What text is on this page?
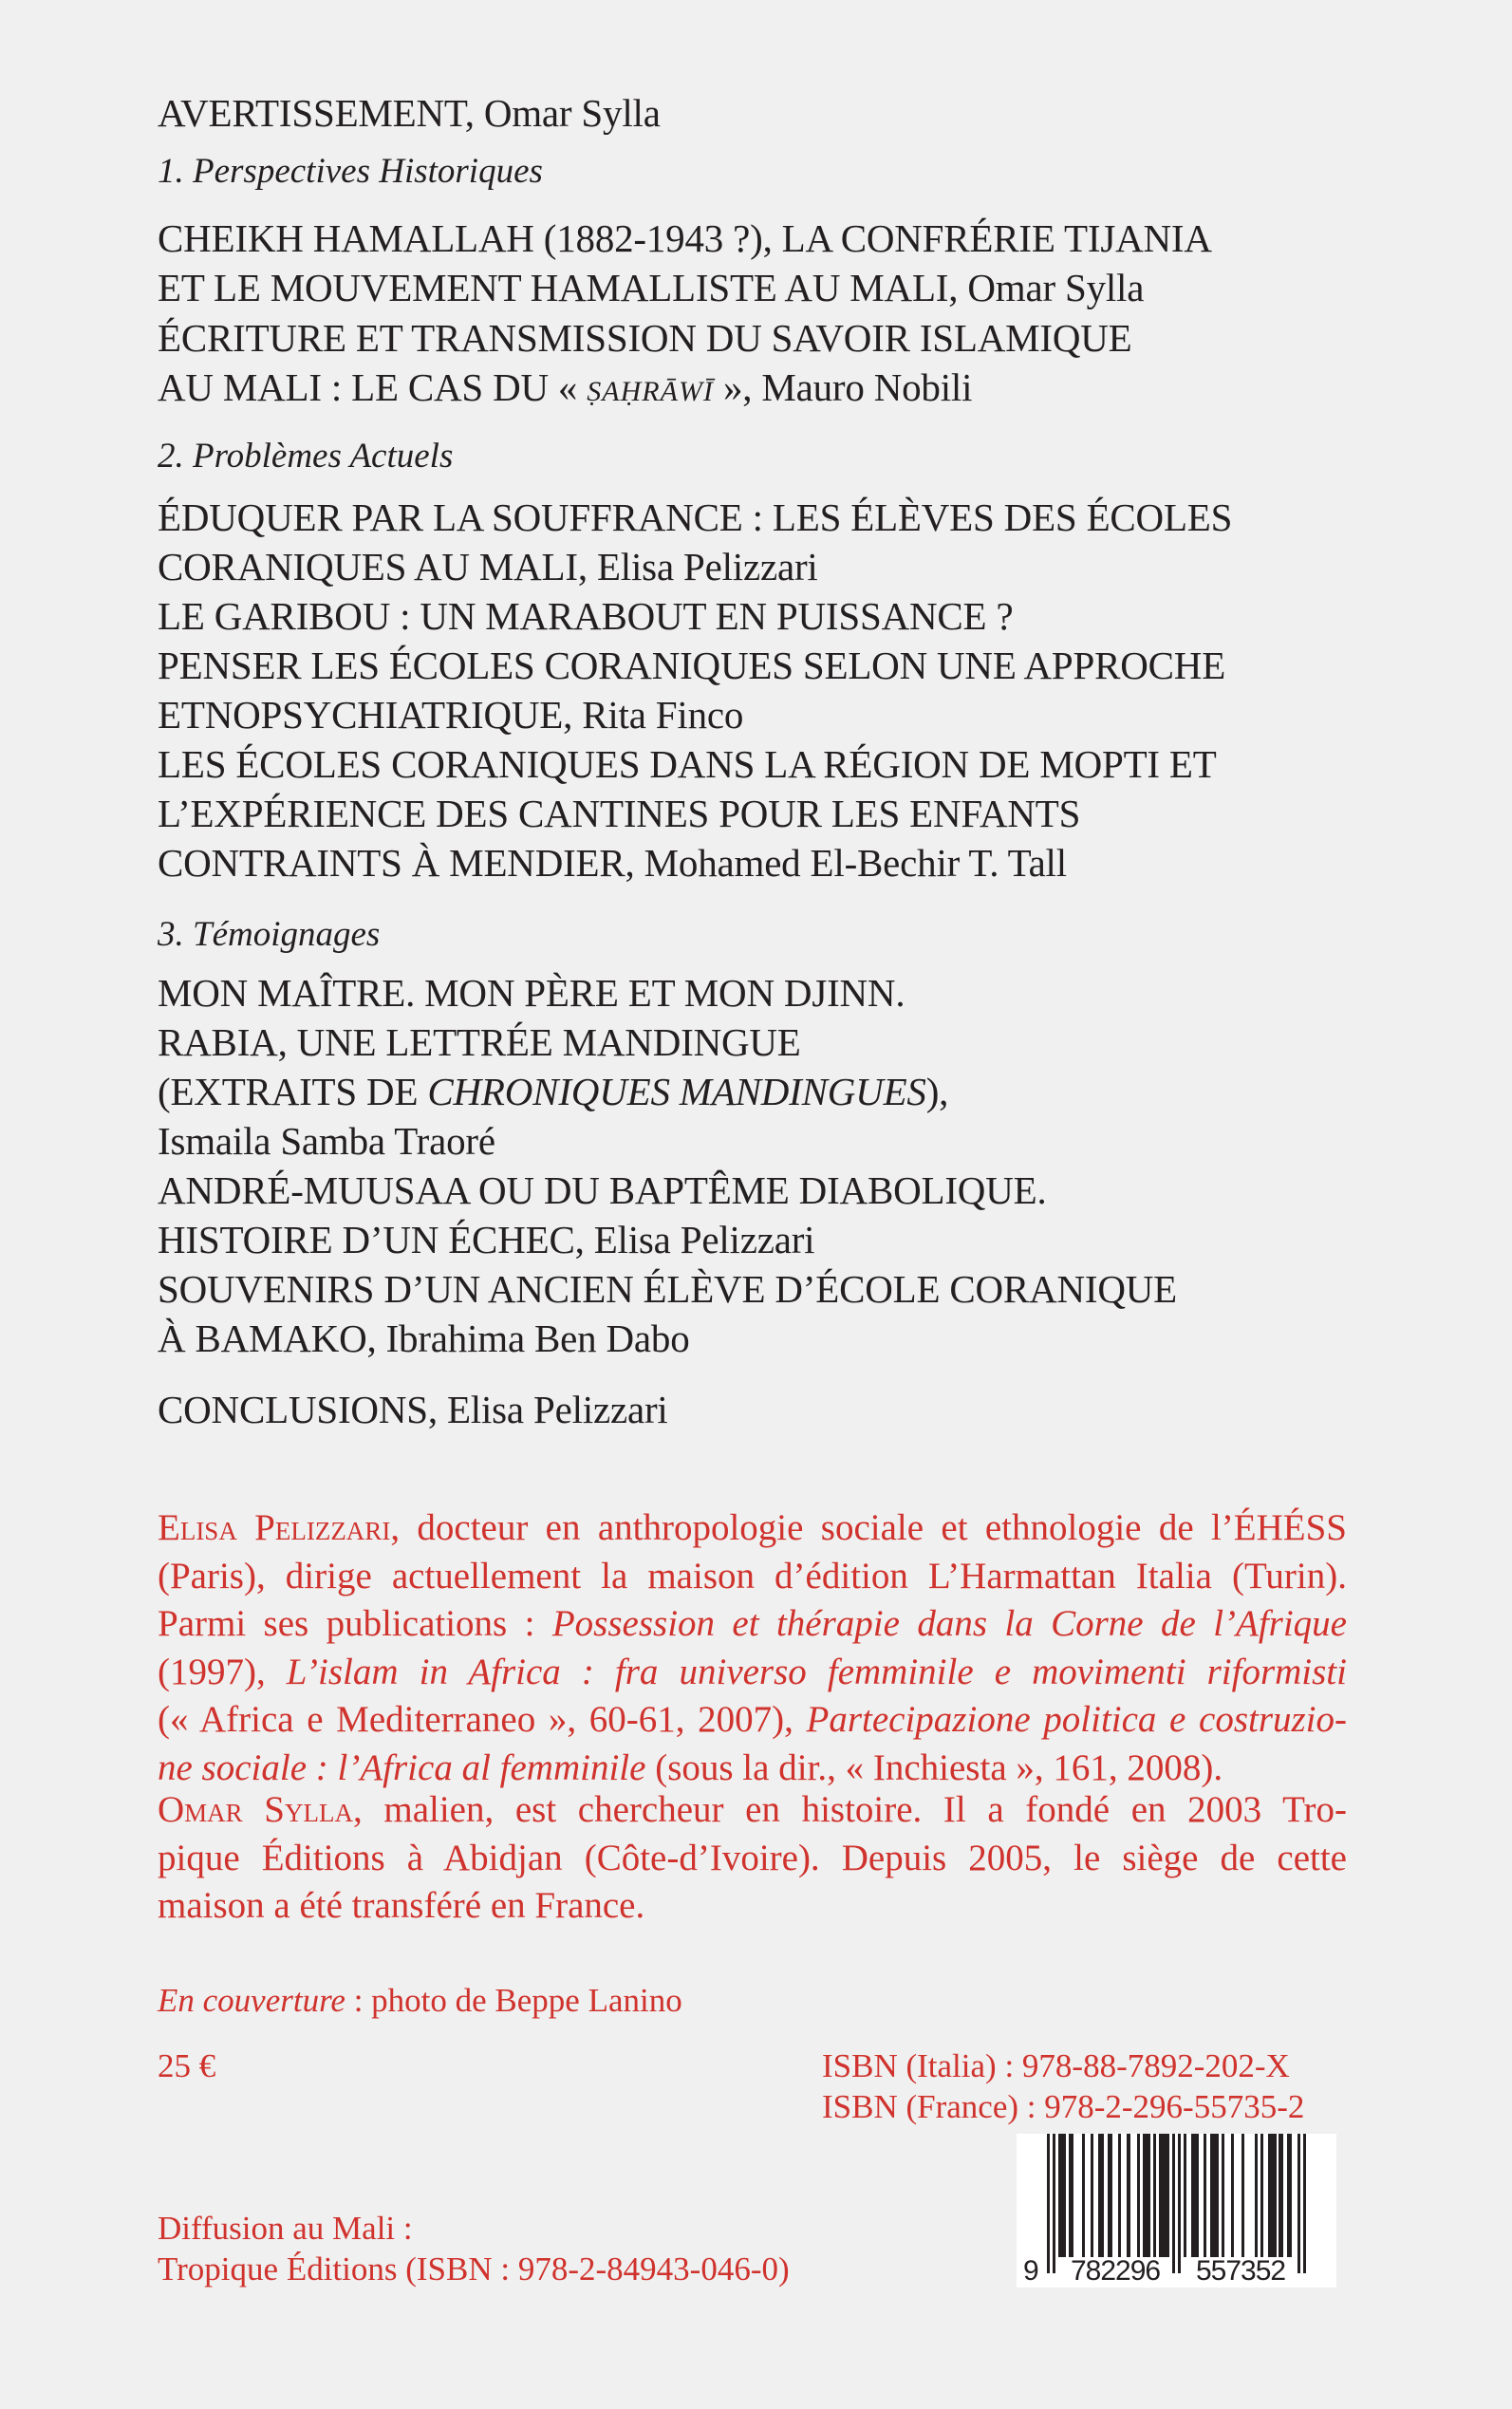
AVERTISSEMENT, Omar Sylla
1. Perspectives Historiques
CHEIKH HAMALLAH (1882-1943 ?), LA CONFRÉRIE TIJANIA
ET LE MOUVEMENT HAMALLISTE AU MALI, Omar Sylla
ÉCRITURE ET TRANSMISSION DU SAVOIR ISLAMIQUE
AU MALI : LE CAS DU « ṢAḤRĀWĪ », Mauro Nobili
2. Problèmes Actuels
ÉDUQUER PAR LA SOUFFRANCE : LES ÉLÈVES DES ÉCOLES
CORANIQUES AU MALI, Elisa Pelizzari
LE GARIBOU : UN MARABOUT EN PUISSANCE ?
PENSER LES ÉCOLES CORANIQUES SELON UNE APPROCHE
ETNOPSYCHIATRIQUE, Rita Finco
LES ÉCOLES CORANIQUES DANS LA RÉGION DE MOPTI ET
L’EXPÉRIENCE DES CANTINES POUR LES ENFANTS
CONTRAINTS À MENDIER, Mohamed El-Bechir T. Tall
3. Témoignages
MON MAÎTRE. MON PÈRE ET MON DJINN.
RABIA, UNE LETTRÉE MANDINGUE
(EXTRAITS DE CHRONIQUES MANDINGUES),
Ismaila Samba Traoré
ANDRÉ-MUUSAA OU DU BAPTÊME DIABOLIQUE.
HISTOIRE D’UN ÉCHEC, Elisa Pelizzari
SOUVENIRS D’UN ANCIEN ÉLÈVE D’ÉCOLE CORANIQUE
À BAMAKO, Ibrahima Ben Dabo
CONCLUSIONS, Elisa Pelizzari
Elisa Pelizzari, docteur en anthropologie sociale et ethnologie de l’ÉHÉSS
(Paris), dirige actuellement la maison d’édition L’Harmattan Italia (Turin).
Parmi ses publications : Possession et thérapie dans la Corne de l’Afrique
(1997), L’islam in Africa : fra universo femminile e movimenti riformisti
(« Africa e Mediterraneo », 60-61, 2007), Partecipazione politica e costruzio-
ne sociale : l’Africa al femminile (sous la dir., « Inchiesta », 161, 2008).
Omar Sylla, malien, est chercheur en histoire. Il a fondé en 2003 Tro-
pique Éditions à Abidjan (Côte-d’Ivoire). Depuis 2005, le siège de cette
maison a été transféré en France.
En couverture : photo de Beppe Lanino
25 €	ISBN (Italia) : 978-88-7892-202-X
ISBN (France) : 978-2-296-55735-2
Diffusion au Mali :
Tropique Éditions (ISBN : 978-2-84943-046-0)	9 782296 557352
